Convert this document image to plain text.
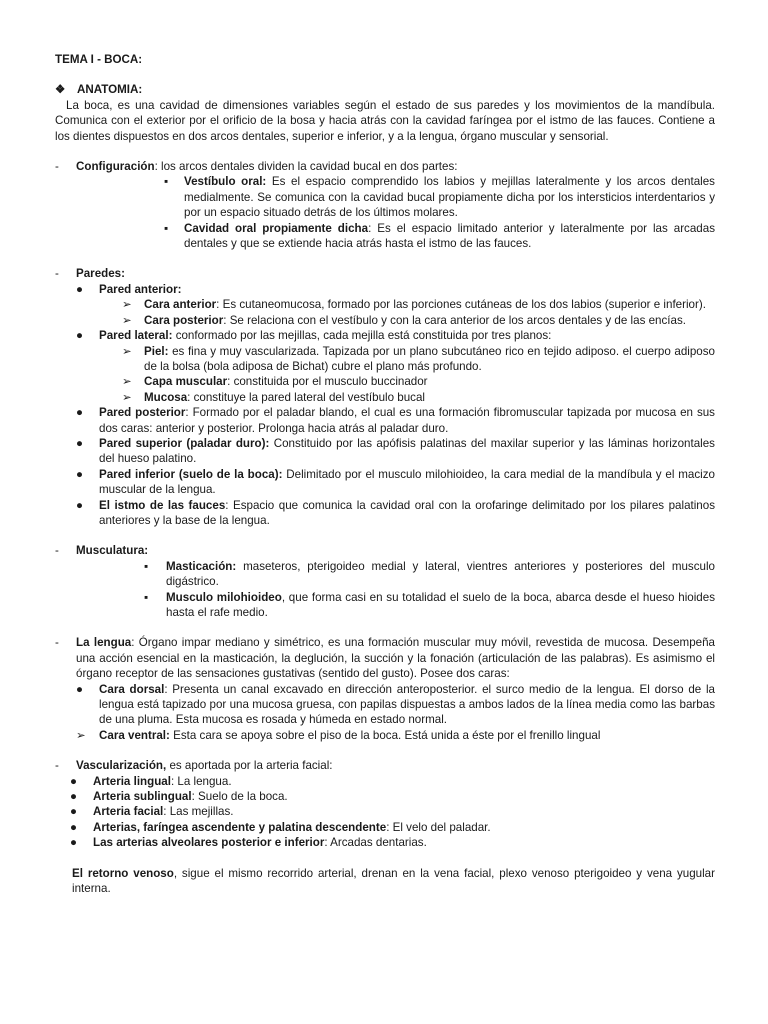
TEMA I - BOCA:

❖ ANATOMIA:

La boca, es una cavidad de dimensiones variables según el estado de sus paredes y los movimientos de la mandíbula. Comunica con el exterior por el orificio de la bosa y hacia atrás con la cavidad faríngea por el istmo de las fauces. Contiene a los dientes dispuestos en dos arcos dentales, superior e inferior, y a la lengua, órgano muscular y sensorial.

- Configuración: los arcos dentales dividen la cavidad bucal en dos partes:

▪ Vestíbulo oral: Es el espacio comprendido los labios y mejillas lateralmente y los arcos dentales medialmente. Se comunica con la cavidad bucal propiamente dicha por los intersticios interdentarios y por un espacio situado detrás de los últimos molares.
▪ Cavidad oral propiamente dicha: Es el espacio limitado anterior y lateralmente por las arcadas dentales y que se extiende hacia atrás hasta el istmo de las fauces.
- Paredes:

● Pared anterior:
➢ Cara anterior: Es cutaneomucosa, formado por las porciones cutáneas de los dos labios (superior e inferior).
➢ Cara posterior: Se relaciona con el vestíbulo y con la cara anterior de los arcos dentales y de las encías.
● Pared lateral: conformado por las mejillas, cada mejilla está constituida por tres planos:
➢ Piel: es fina y muy vascularizada. Tapizada por un plano subcutáneo rico en tejido adiposo. el cuerpo adiposo de la bolsa (bola adiposa de Bichat) cubre el plano más profundo.
➢ Capa muscular: constituida por el musculo buccinador
➢ Mucosa: constituye la pared lateral del vestíbulo bucal
● Pared posterior: Formado por el paladar blando, el cual es una formación fibromuscular tapizada por mucosa en sus dos caras: anterior y posterior. Prolonga hacia atrás al paladar duro.
● Pared superior (paladar duro): Constituido por las apófisis palatinas del maxilar superior y las láminas horizontales del hueso palatino.
● Pared inferior (suelo de la boca): Delimitado por el musculo milohioideo, la cara medial de la mandíbula y el macizo muscular de la lengua.
● El istmo de las fauces: Espacio que comunica la cavidad oral con la orofaringe delimitado por los pilares palatinos anteriores y la base de la lengua.
- Musculatura:

▪ Masticación: maseteros, pterigoideo medial y lateral, vientres anteriores y posteriores del musculo digástrico.
▪ Musculo milohioideo, que forma casi en su totalidad el suelo de la boca, abarca desde el hueso hioides hasta el rafe medio.
- La lengua: Órgano impar mediano y simétrico, es una formación muscular muy móvil, revestida de mucosa. Desempeña una acción esencial en la masticación, la deglución, la succión y la fonación (articulación de las palabras). Es asimismo el órgano receptor de las sensaciones gustativas (sentido del gusto). Posee dos caras:

● Cara dorsal: Presenta un canal excavado en dirección anteroposterior. el surco medio de la lengua. El dorso de la lengua está tapizado por una mucosa gruesa, con papilas dispuestas a ambos lados de la línea media como las barbas de una pluma. Esta mucosa es rosada y húmeda en estado normal.
➢ Cara ventral: Esta cara se apoya sobre el piso de la boca. Está unida a éste por el frenillo lingual
- Vascularización, es aportada por la arteria facial:

● Arteria lingual: La lengua.
● Arteria sublingual: Suelo de la boca.
● Arteria facial: Las mejillas.
● Arterias, faríngea ascendente y palatina descendente: El velo del paladar.
● Las arterias alveolares posterior e inferior: Arcadas dentarias.

El retorno venoso, sigue el mismo recorrido arterial, drenan en la vena facial, plexo venoso pterigoideo y vena yugular interna.
